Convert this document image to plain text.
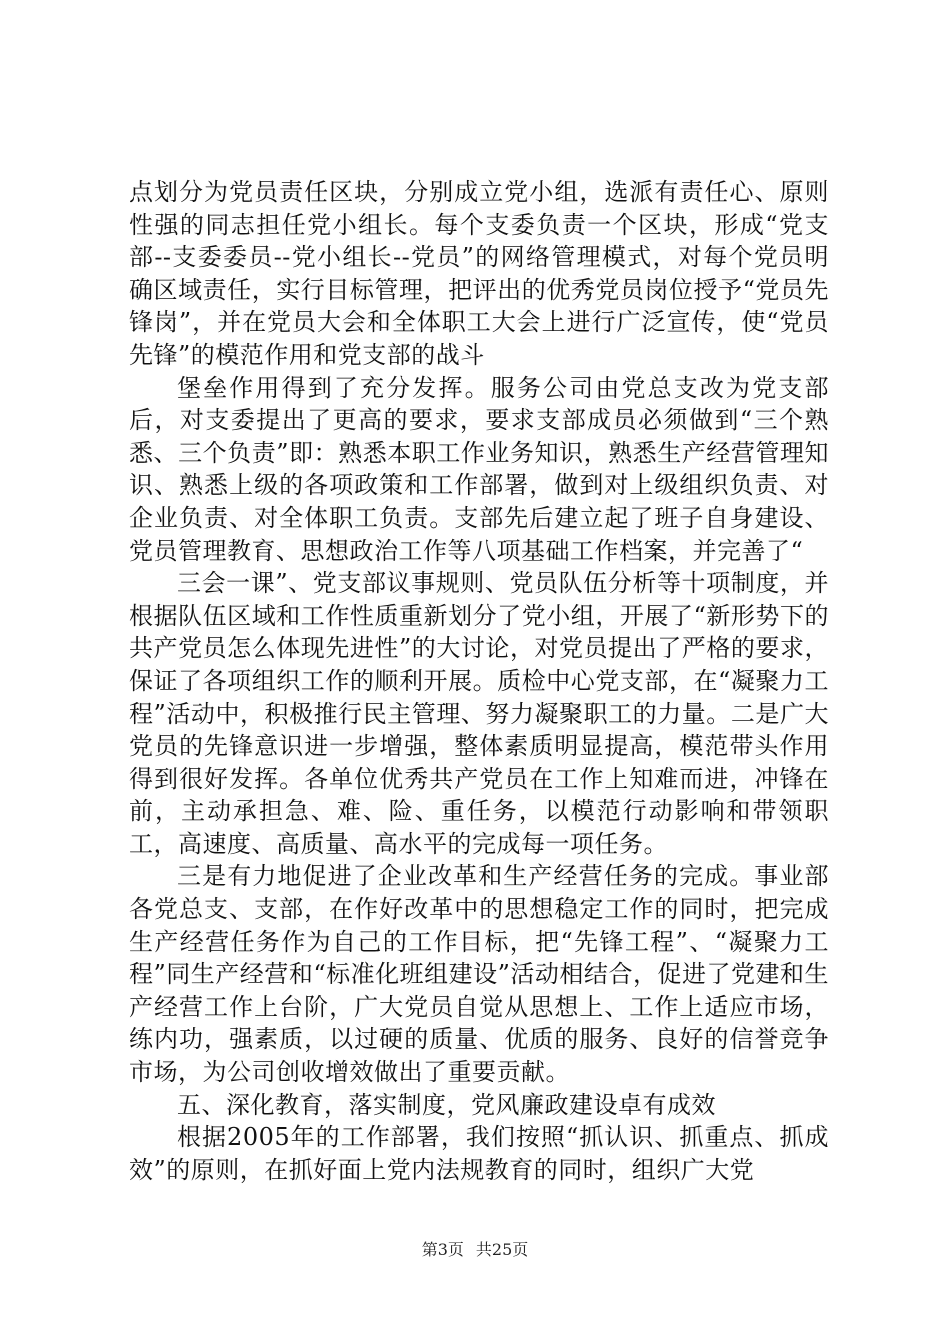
点划分为党员责任区块，分别成立党小组，选派有责任心、原则性强的同志担任党小组长。每个支委负责一个区块，形成“党支部--支委委员--党小组长--党员”的网络管理模式，对每个党员明确区域责任，实行目标管理，把评出的优秀党员岗位授予“党员先锋岗”，并在党员大会和全体职工大会上进行广泛宣传，使“党员先锋”的模范作用和党支部的战斗

堡垒作用得到了充分发挥。服务公司由党总支改为党支部后，对支委提出了更高的要求，要求支部成员必须做到“三个熟悉、三个负责”即：熟悉本职工作业务知识，熟悉生产经营管理知识、熟悉上级的各项政策和工作部署，做到对上级组织负责、对企业负责、对全体职工负责。支部先后建立起了班子自身建设、党员管理教育、思想政治工作等八项基础工作档案，并完善了“

三会一课”、党支部议事规则、党员队伍分析等十项制度，并根据队伍区域和工作性质重新划分了党小组，开展了“新形势下的共产党员怎么体现先进性”的大讨论，对党员提出了严格的要求，保证了各项组织工作的顺利开展。质检中心党支部，在“凝聚力工程”活动中，积极推行民主管理、努力凝聚职工的力量。二是广大党员的先锋意识进一步增强，整体素质明显提高，模范带头作用得到很好发挥。各单位优秀共产党员在工作上知难而进，冲锋在前，主动承担急、难、险、重任务，以模范行动影响和带领职工，高速度、高质量、高水平的完成每一项任务。

三是有力地促进了企业改革和生产经营任务的完成。事业部各党总支、支部，在作好改革中的思想稳定工作的同时，把完成生产经营任务作为自己的工作目标，把“先锋工程”、“凝聚力工程”同生产经营和“标准化班组建设”活动相结合，促进了党建和生产经营工作上台阶，广大党员自觉从思想上、工作上适应市场，练内功，强素质，以过硬的质量、优质的服务、良好的信誉竞争市场，为公司创收增效做出了重要贡献。

五、深化教育，落实制度，党风廉政建设卓有成效

根据2005年的工作部署，我们按照“抓认识、抓重点、抓成效”的原则，在抓好面上党内法规教育的同时，组织广大党

第3页 共25页
